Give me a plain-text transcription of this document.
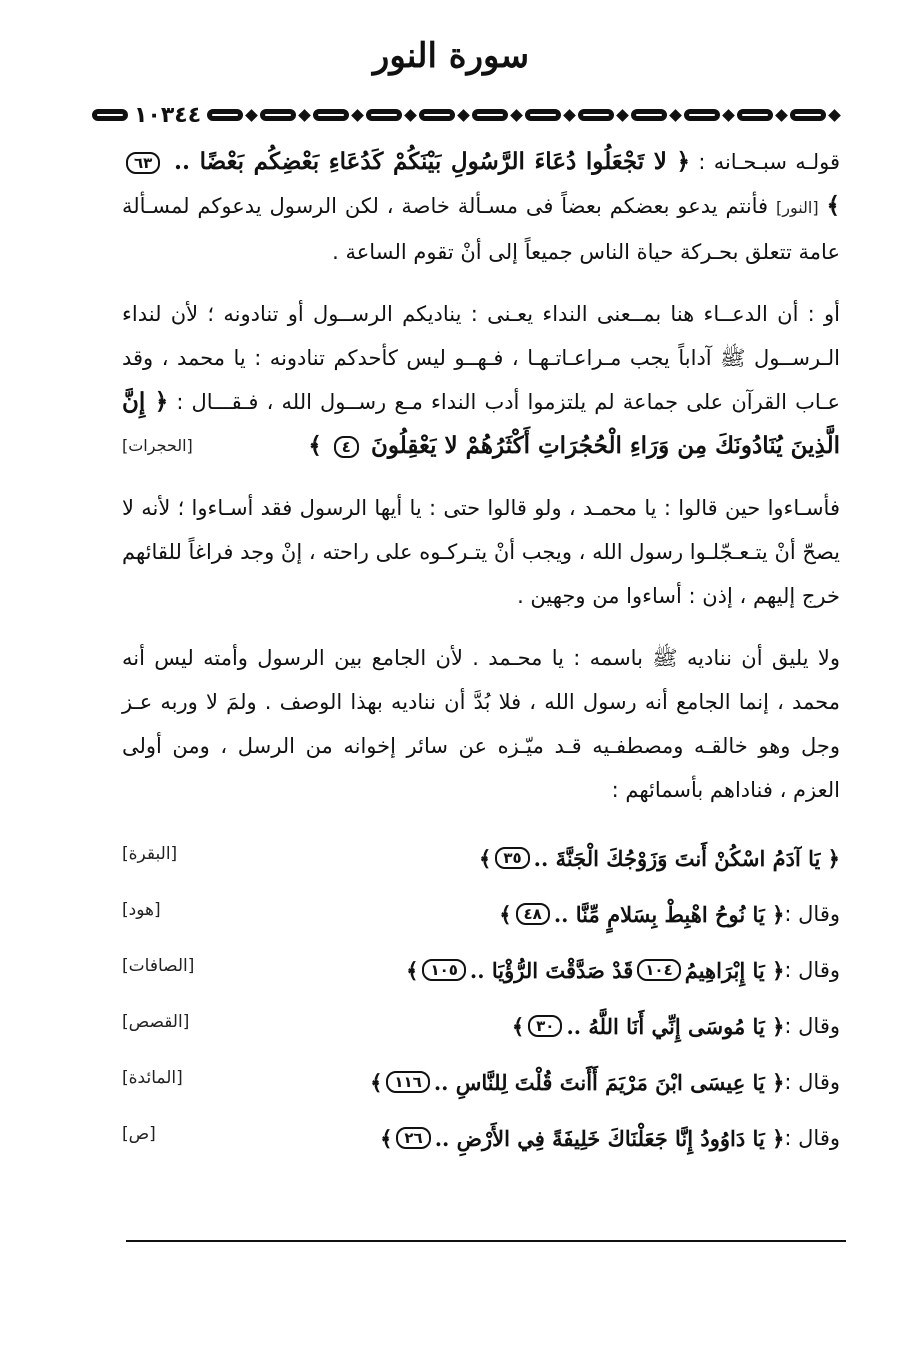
سورة النور
١٠٣٤٤

قولـه سبـحـانه : ﴿ لا تَجْعَلُوا دُعَاءَ الرَّسُولِ بَيْنَكُمْ كَدُعَاءِ بَعْضِكُم بَعْضًا .. ٦٣ ﴾ [النور] فأنتم يدعو بعضكم بعضاً فى مسـألة خاصة ، لكن الرسول يدعوكم لمسـألة عامة تتعلق بحـركة حياة الناس جميعاً إلى أنْ تقوم الساعة .

أو : أن الدعــاء هنا بمــعنى النداء يعـنى : يناديكم الرســول أو تنادونه ؛ لأن لنداء الـرســول ﷺ آداباً يجب مـراعـاتـهـا ، فـهــو ليس كأحدكم تنادونه : يا محمد ، وقد عـاب القرآن على جماعة لم يلتزموا أدب النداء مـع رســول الله ، فـقـــال : ﴿ إِنَّ الَّذِينَ يُنَادُونَكَ مِن وَرَاءِ الْحُجُرَاتِ أَكْثَرُهُمْ لا يَعْقِلُونَ ٤ ﴾
[الحجرات]

فأسـاءوا حين قالوا : يا محمـد ، ولو قالوا حتى : يا أيها الرسول فقد أسـاءوا ؛ لأنه لا يصحّ أنْ يتـعـجّلـوا رسول الله ، ويجب أنْ يتـركـوه على راحته ، إنْ وجد فراغاً للقائهم خرج إليهم ، إذن : أساءوا من وجهين .

ولا يليق أن نناديه ﷺ باسمه : يا محـمد . لأن الجامع بين الرسول وأمته ليس أنه محمد ، إنما الجامع أنه رسول الله ، فلا بُدَّ أن نناديه بهذا الوصف . ولمَ لا وربه عـز وجل وهو خالقـه ومصطفـيه قـد ميّـزه عن سائر إخوانه من الرسل ، ومن أولى العزم ، فناداهم بأسمائهم :

﴿ يَا آدَمُ اسْكُنْ أَنتَ وَزَوْجُكَ الْجَنَّةَ ..
٣٥
﴾
[البقرة]
وقال :
﴿ يَا نُوحُ اهْبِطْ بِسَلامٍ مِّنَّا ..
٤٨
﴾
[هود]
وقال :
﴿ يَا إِبْرَاهِيمُ
١٠٤
قَدْ صَدَّقْتَ الرُّؤْيَا ..
١٠٥
﴾
[الصافات]
وقال :
﴿ يَا مُوسَى إِنِّي أَنَا اللَّهُ ..
٣٠
﴾
[القصص]
وقال :
﴿ يَا عِيسَى ابْنَ مَرْيَمَ أَأَنتَ قُلْتَ لِلنَّاسِ ..
١١٦
﴾
[المائدة]
وقال :
﴿ يَا دَاوُودُ إِنَّا جَعَلْنَاكَ خَلِيفَةً فِي الأَرْضِ ..
٢٦
﴾
[ص]
